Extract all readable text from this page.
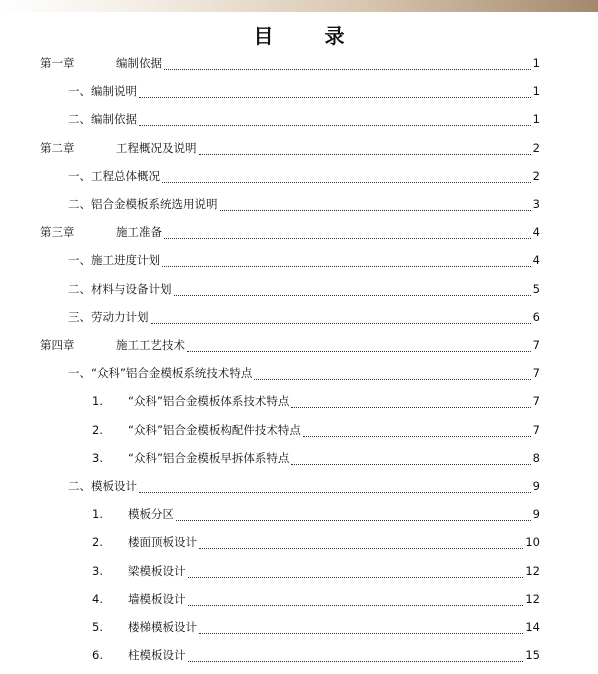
目 录
第一章	编制依据	1
一、编制说明	1
二、编制依据	1
第二章	工程概况及说明	2
一、工程总体概况	2
二、铝合金模板系统选用说明	3
第三章	施工准备	4
一、施工进度计划	4
二、材料与设备计划	5
三、劳动力计划	6
第四章	施工工艺技术	7
一、“众科”铝合金模板系统技术特点	7
1. “众科”铝合金模板体系技术特点	7
2. “众科”铝合金模板构配件技术特点	7
3. “众科”铝合金模板早拆体系特点	8
二、模板设计	9
1. 模板分区	9
2. 楼面顶板设计	10
3. 梁模板设计	12
4. 墙模板设计	12
5. 楼梯模板设计	14
6. 柱模板设计	15
